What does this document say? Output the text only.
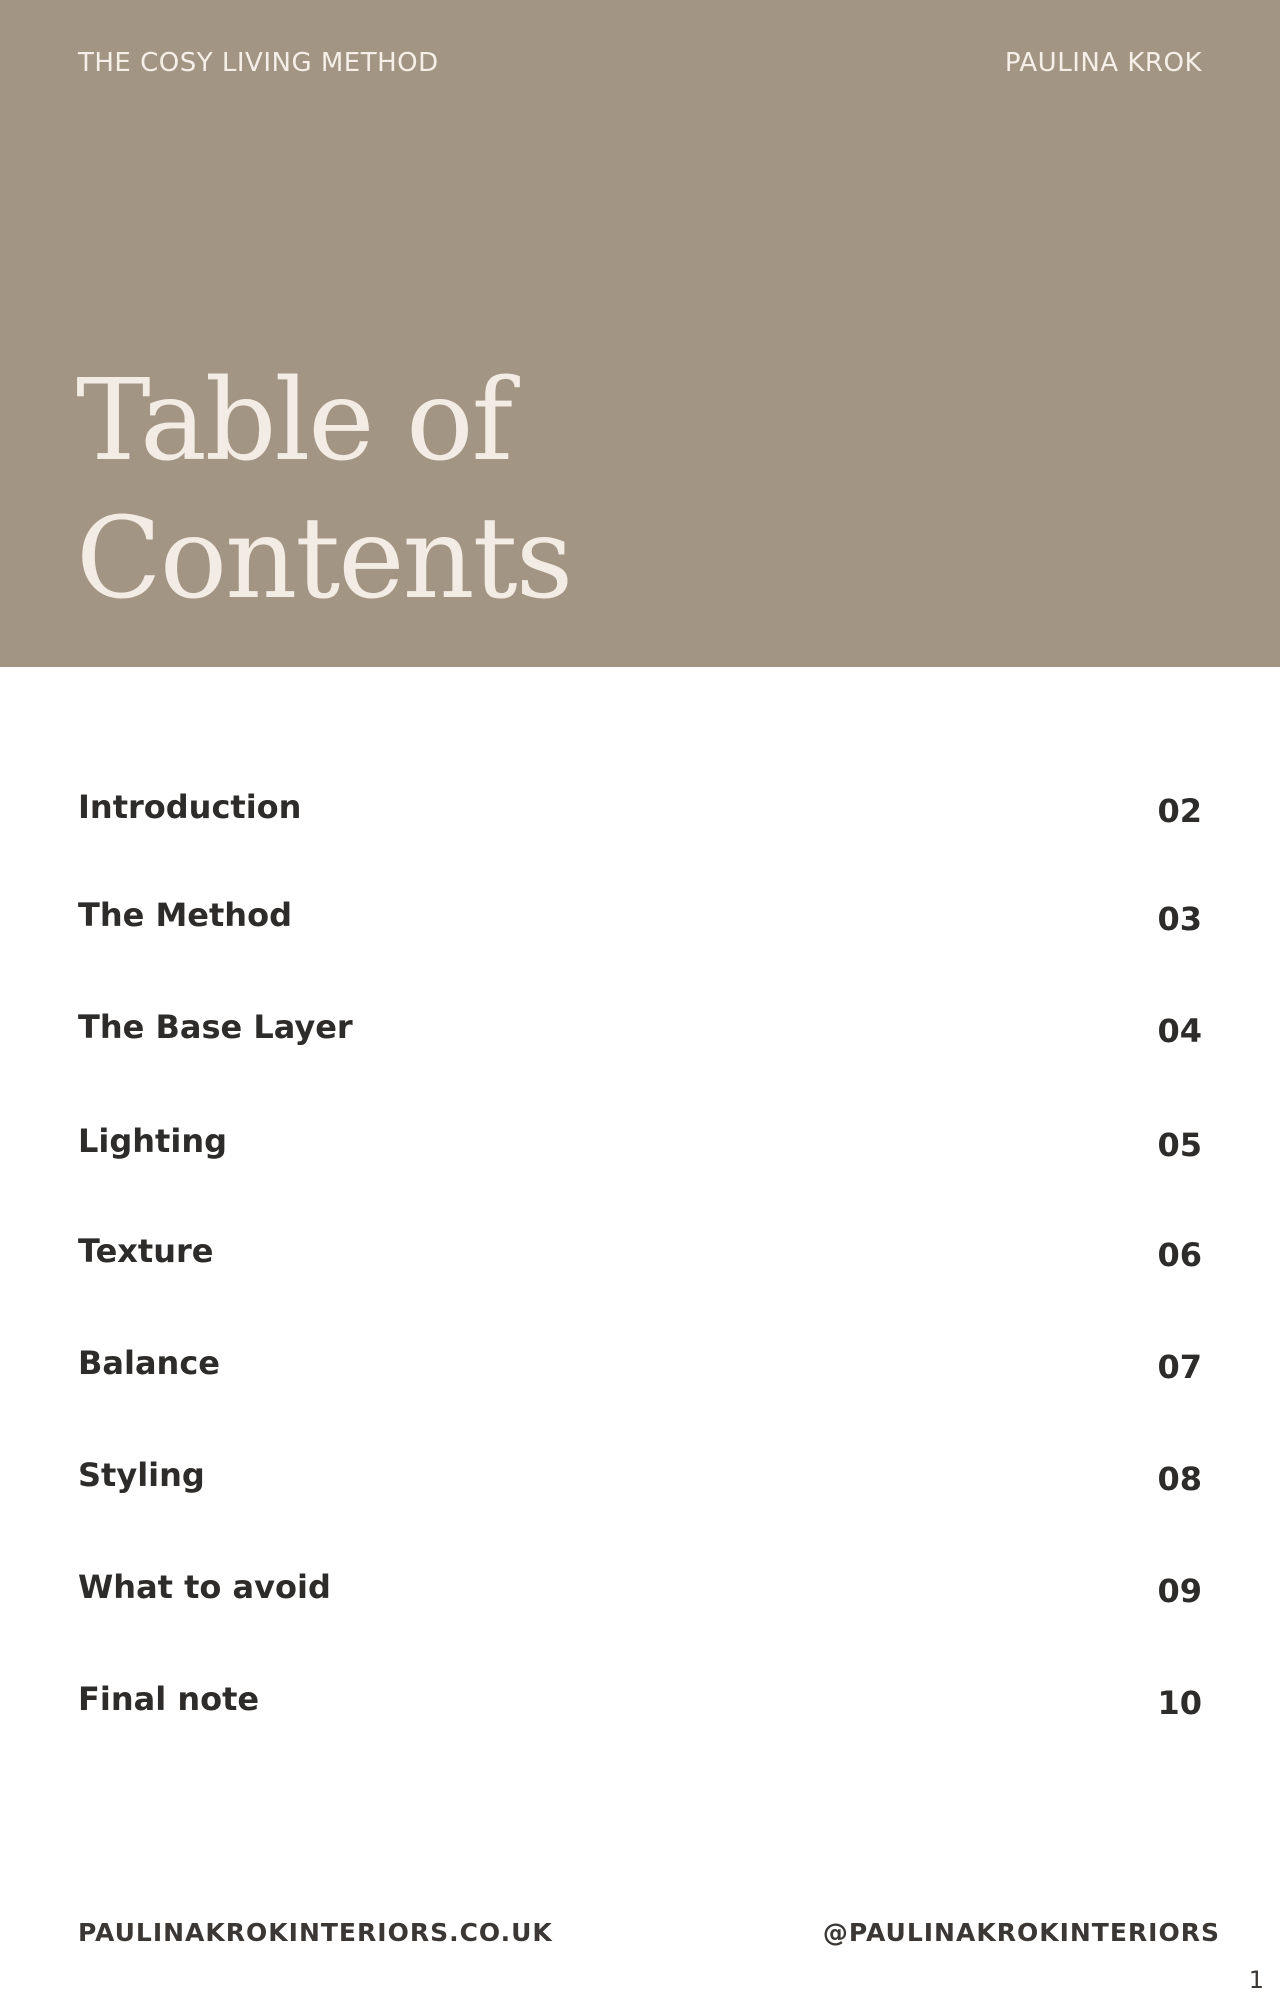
THE COSY LIVING METHOD	PAULINA KROK
Table of
Contents
Introduction	02
The Method	03
The Base Layer	04
Lighting	05
Texture	06
Balance	07
Styling	08
What to avoid	09
Final note	10
PAULINAKROKINTERIORS.CO.UK	@PAULINAKROKINTERIORS
1
